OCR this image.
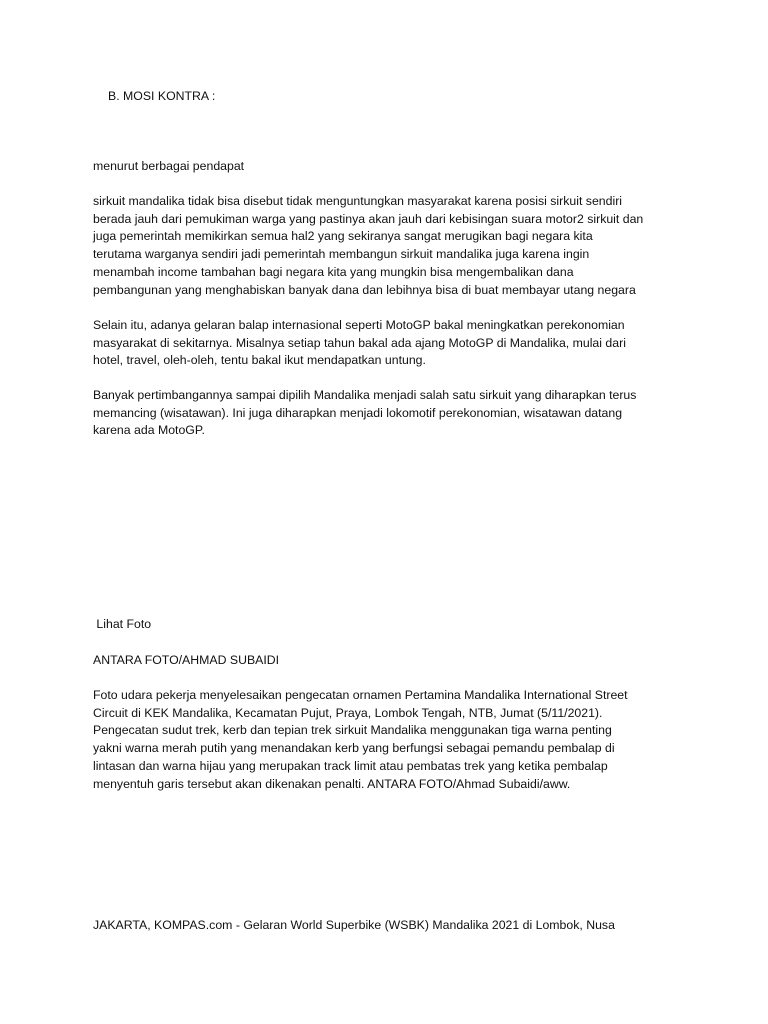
B. MOSI KONTRA :
menurut berbagai pendapat
sirkuit mandalika tidak bisa disebut tidak menguntungkan masyarakat karena posisi sirkuit sendiri
berada jauh dari pemukiman warga yang pastinya akan jauh dari kebisingan suara motor2 sirkuit dan
juga pemerintah memikirkan semua hal2 yang sekiranya sangat merugikan bagi negara kita
terutama warganya sendiri jadi pemerintah membangun sirkuit mandalika juga karena ingin
menambah income tambahan bagi negara kita yang mungkin bisa mengembalikan dana
pembangunan yang menghabiskan banyak dana dan lebihnya bisa di buat membayar utang negara
Selain itu, adanya gelaran balap internasional seperti MotoGP bakal meningkatkan perekonomian
masyarakat di sekitarnya. Misalnya setiap tahun bakal ada ajang MotoGP di Mandalika, mulai dari
hotel, travel, oleh-oleh, tentu bakal ikut mendapatkan untung.
Banyak pertimbangannya sampai dipilih Mandalika menjadi salah satu sirkuit yang diharapkan terus
memancing (wisatawan). Ini juga diharapkan menjadi lokomotif perekonomian, wisatawan datang
karena ada MotoGP.
Lihat Foto
ANTARA FOTO/AHMAD SUBAIDI
Foto udara pekerja menyelesaikan pengecatan ornamen Pertamina Mandalika International Street
Circuit di KEK Mandalika, Kecamatan Pujut, Praya, Lombok Tengah, NTB, Jumat (5/11/2021).
Pengecatan sudut trek, kerb dan tepian trek sirkuit Mandalika menggunakan tiga warna penting
yakni warna merah putih yang menandakan kerb yang berfungsi sebagai pemandu pembalap di
lintasan dan warna hijau yang merupakan track limit atau pembatas trek yang ketika pembalap
menyentuh garis tersebut akan dikenakan penalti. ANTARA FOTO/Ahmad Subaidi/aww.
JAKARTA, KOMPAS.com - Gelaran World Superbike (WSBK) Mandalika 2021 di Lombok, Nusa
